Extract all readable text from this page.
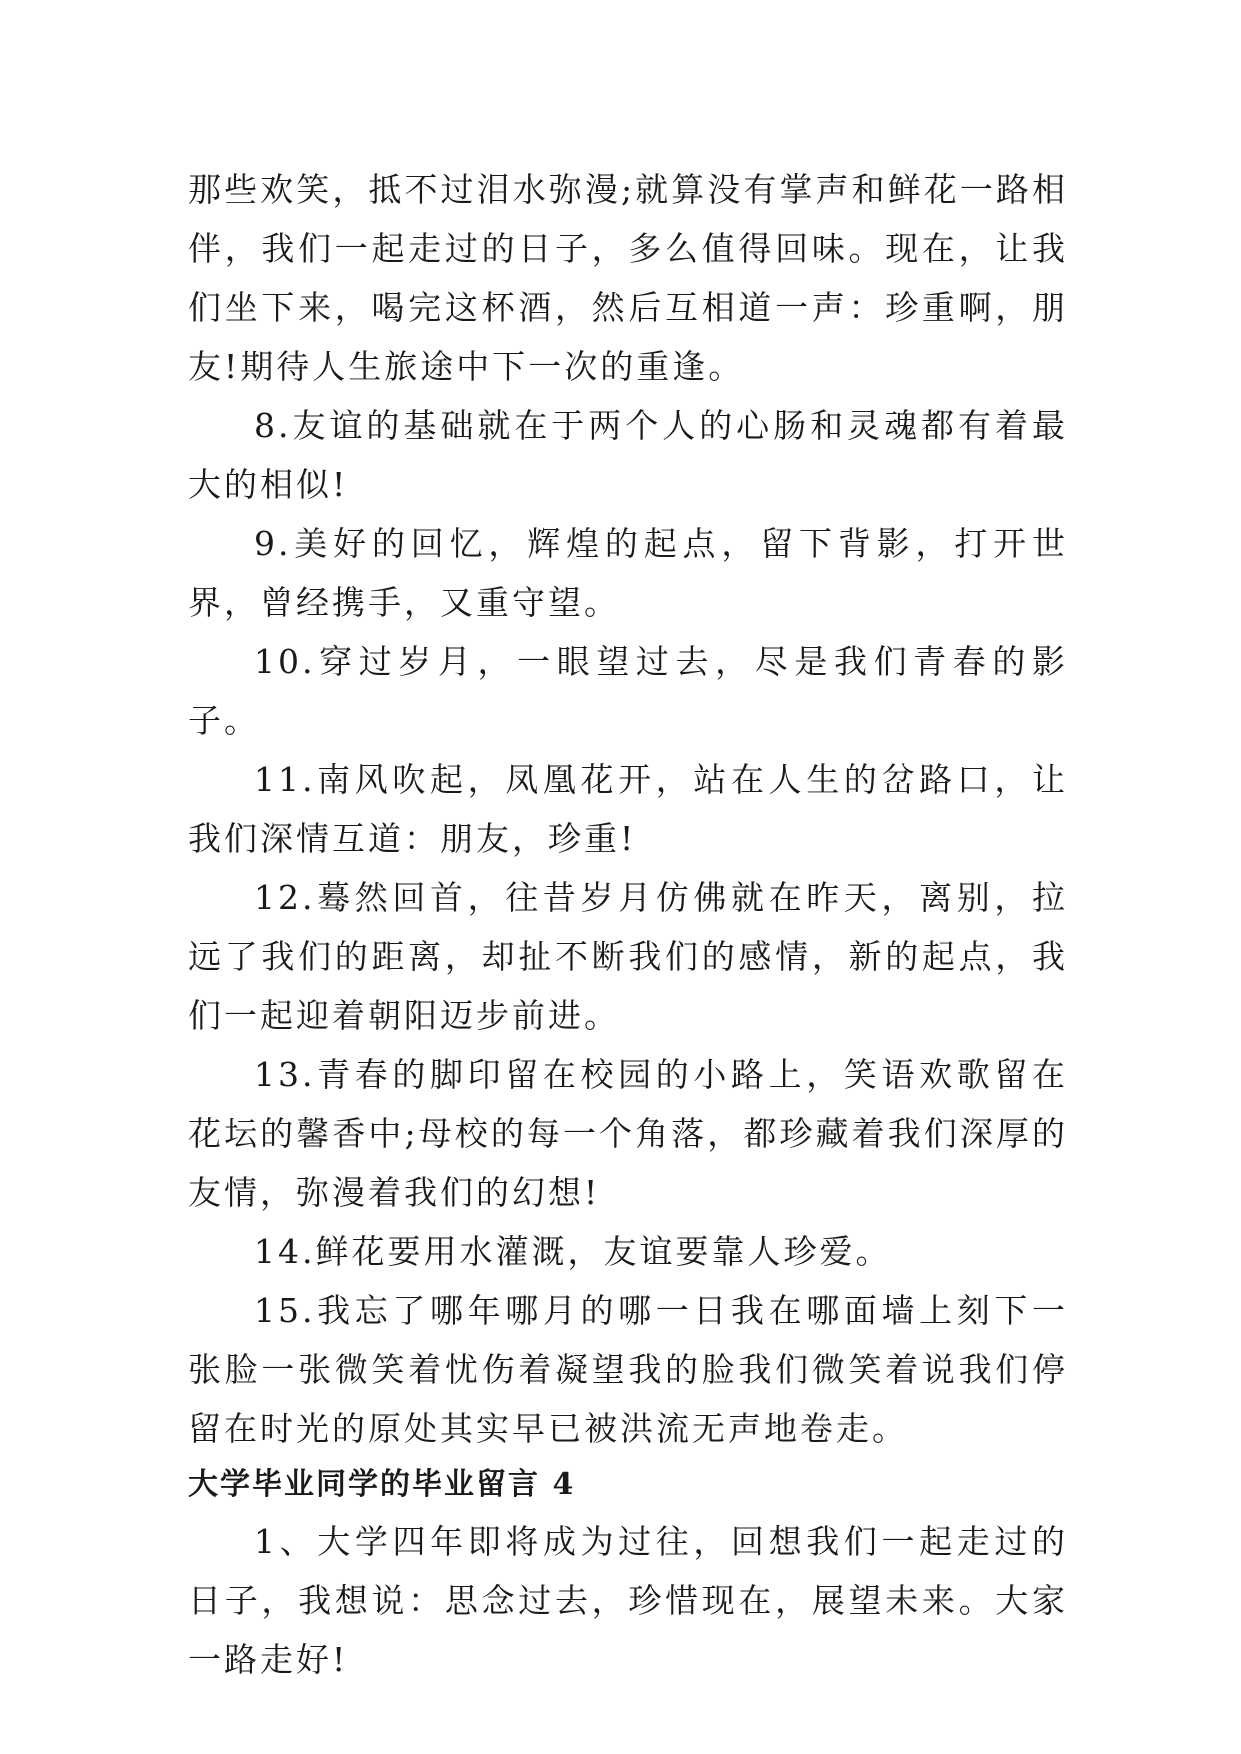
那些欢笑，抵不过泪水弥漫;就算没有掌声和鲜花一路相伴，我们一起走过的日子，多么值得回味。现在，让我们坐下来，喝完这杯酒，然后互相道一声：珍重啊，朋友!期待人生旅途中下一次的重逢。

8.友谊的基础就在于两个人的心肠和灵魂都有着最大的相似!

9.美好的回忆，辉煌的起点，留下背影，打开世界，曾经携手，又重守望。

10.穿过岁月，一眼望过去，尽是我们青春的影子。

11.南风吹起，凤凰花开，站在人生的岔路口，让我们深情互道：朋友，珍重!

12.蓦然回首，往昔岁月仿佛就在昨天，离别，拉远了我们的距离，却扯不断我们的感情，新的起点，我们一起迎着朝阳迈步前进。

13.青春的脚印留在校园的小路上，笑语欢歌留在花坛的馨香中;母校的每一个角落，都珍藏着我们深厚的友情，弥漫着我们的幻想!

14.鲜花要用水灌溉，友谊要靠人珍爱。

15.我忘了哪年哪月的哪一日我在哪面墙上刻下一张脸一张微笑着忧伤着凝望我的脸我们微笑着说我们停留在时光的原处其实早已被洪流无声地卷走。

大学毕业同学的毕业留言 4

1、大学四年即将成为过往，回想我们一起走过的日子，我想说：思念过去，珍惜现在，展望未来。大家一路走好!
